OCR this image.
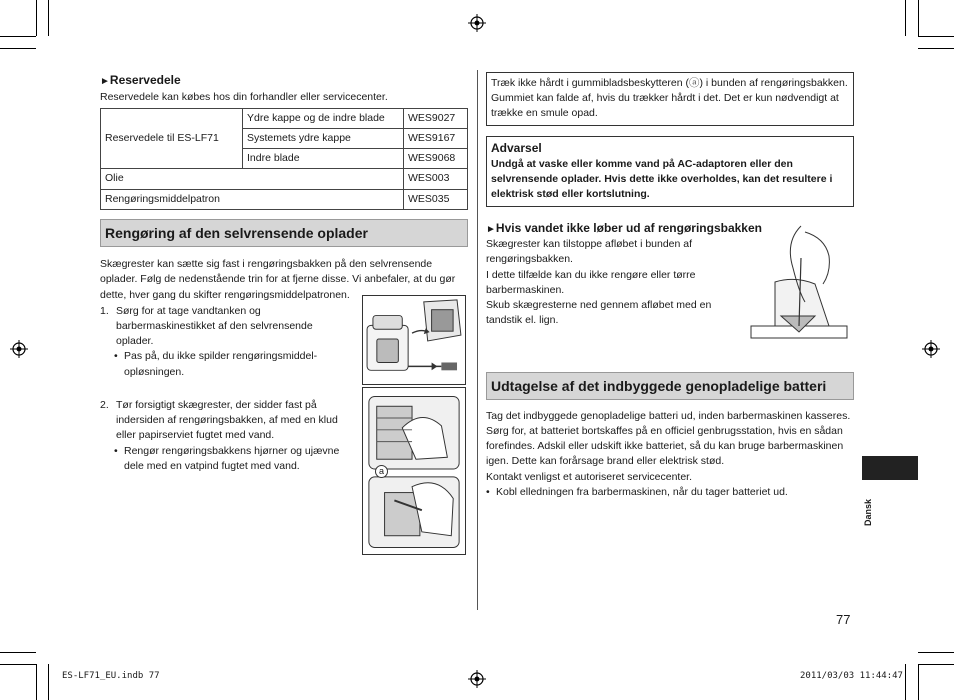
►Reservedele
Reservedele kan købes hos din forhandler eller servicecenter.
Reservedele til ES-LF71	Ydre kappe og de indre blade	WES9027
	Systemets ydre kappe	WES9167
	Indre blade	WES9068
Olie		WES003
Rengøringsmiddelpatron		WES035
Rengøring af den selvrensende oplader
Skægrester kan sætte sig fast i rengøringsbakken på den selvrensende oplader. Følg de nedenstående trin for at fjerne disse. Vi anbefaler, at du gør dette, hver gang du skifter rengøringsmiddelpatronen.
1. Sørg for at tage vandtanken og barbermaskinestikket af den selvrensende oplader.
• Pas på, du ikke spilder rengøringsmiddel-opløsningen.
2. Tør forsigtigt skægrester, der sidder fast på indersiden af rengøringsbakken, af med en klud eller papirserviet fugtet med vand.
• Rengør rengøringsbakkens hjørner og ujævne dele med en vatpind fugtet med vand.	a
Træk ikke hårdt i gummibladsbeskytteren (ⓐ) i bunden af rengøringsbakken. Gummiet kan falde af, hvis du trækker hårdt i det. Det er kun nødvendigt at trække en smule opad.
Advarsel
Undgå at vaske eller komme vand på AC-adaptoren eller den selvrensende oplader. Hvis dette ikke overholdes, kan det resultere i elektrisk stød eller kortslutning.
►Hvis vandet ikke løber ud af rengøringsbakken
Skægrester kan tilstoppe afløbet i bunden af rengøringsbakken.
I dette tilfælde kan du ikke rengøre eller tørre barbermaskinen.
Skub skægresterne ned gennem afløbet med en tandstik el. lign.
Udtagelse af det indbyggede genopladelige batteri
Tag det indbyggede genopladelige batteri ud, inden barbermaskinen kasseres. Sørg for, at batteriet bortskaffes på en officiel genbrugsstation, hvis en sådan forefindes. Adskil eller udskift ikke batteriet, så du kan bruge barbermaskinen igen. Dette kan forårsage brand eller elektrisk stød.
Kontakt venligst et autoriseret servicecenter.
• Kobl elledningen fra barbermaskinen, når du tager batteriet ud.
Dansk
77
ES-LF71_EU.indb 77	2011/03/03 11:44:47
